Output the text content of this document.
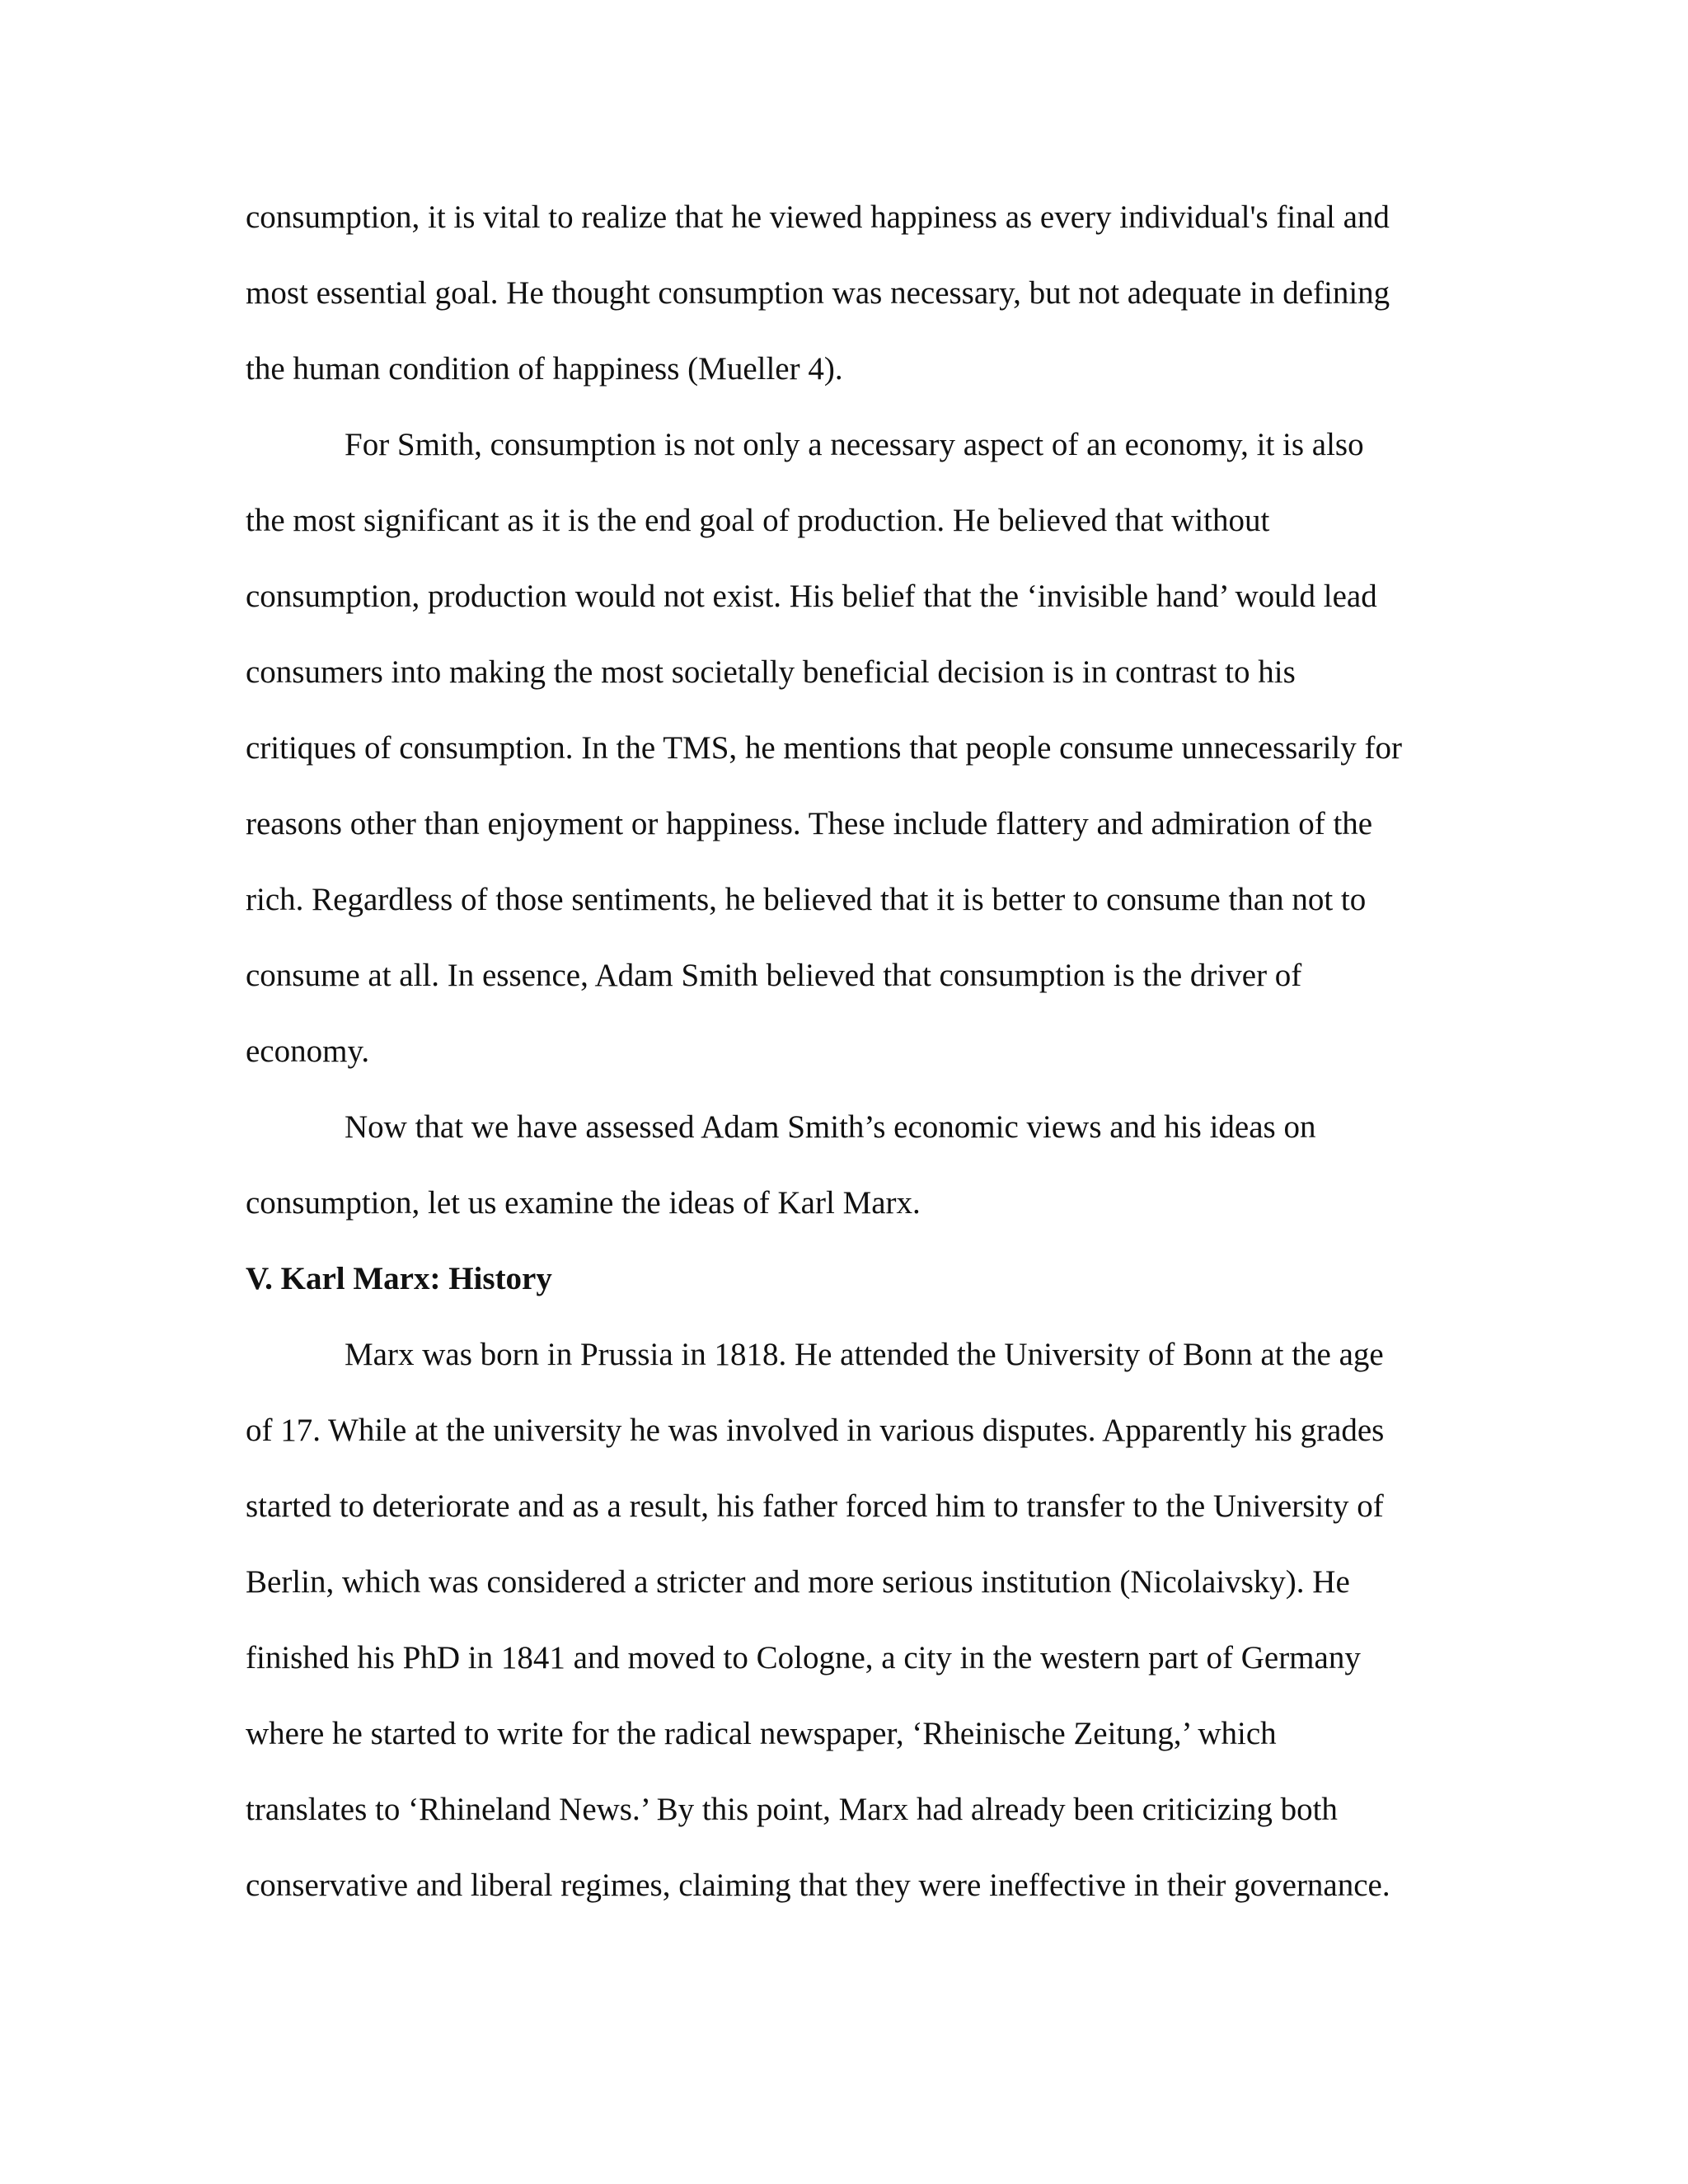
consumption, it is vital to realize that he viewed happiness as every individual's final and
most essential goal. He thought consumption was necessary, but not adequate in defining
the human condition of happiness (Mueller 4).
For Smith, consumption is not only a necessary aspect of an economy, it is also
the most significant as it is the end goal of production. He believed that without
consumption, production would not exist. His belief that the ‘invisible hand’ would lead
consumers into making the most societally beneficial decision is in contrast to his
critiques of consumption. In the TMS, he mentions that people consume unnecessarily for
reasons other than enjoyment or happiness. These include flattery and admiration of the
rich. Regardless of those sentiments, he believed that it is better to consume than not to
consume at all. In essence, Adam Smith believed that consumption is the driver of
economy.
Now that we have assessed Adam Smith’s economic views and his ideas on
consumption, let us examine the ideas of Karl Marx.
V. Karl Marx: History
Marx was born in Prussia in 1818. He attended the University of Bonn at the age
of 17. While at the university he was involved in various disputes. Apparently his grades
started to deteriorate and as a result, his father forced him to transfer to the University of
Berlin, which was considered a stricter and more serious institution (Nicolaivsky). He
finished his PhD in 1841 and moved to Cologne, a city in the western part of Germany
where he started to write for the radical newspaper, ‘Rheinische Zeitung,’ which
translates to ‘Rhineland News.’ By this point, Marx had already been criticizing both
conservative and liberal regimes, claiming that they were ineffective in their governance.
